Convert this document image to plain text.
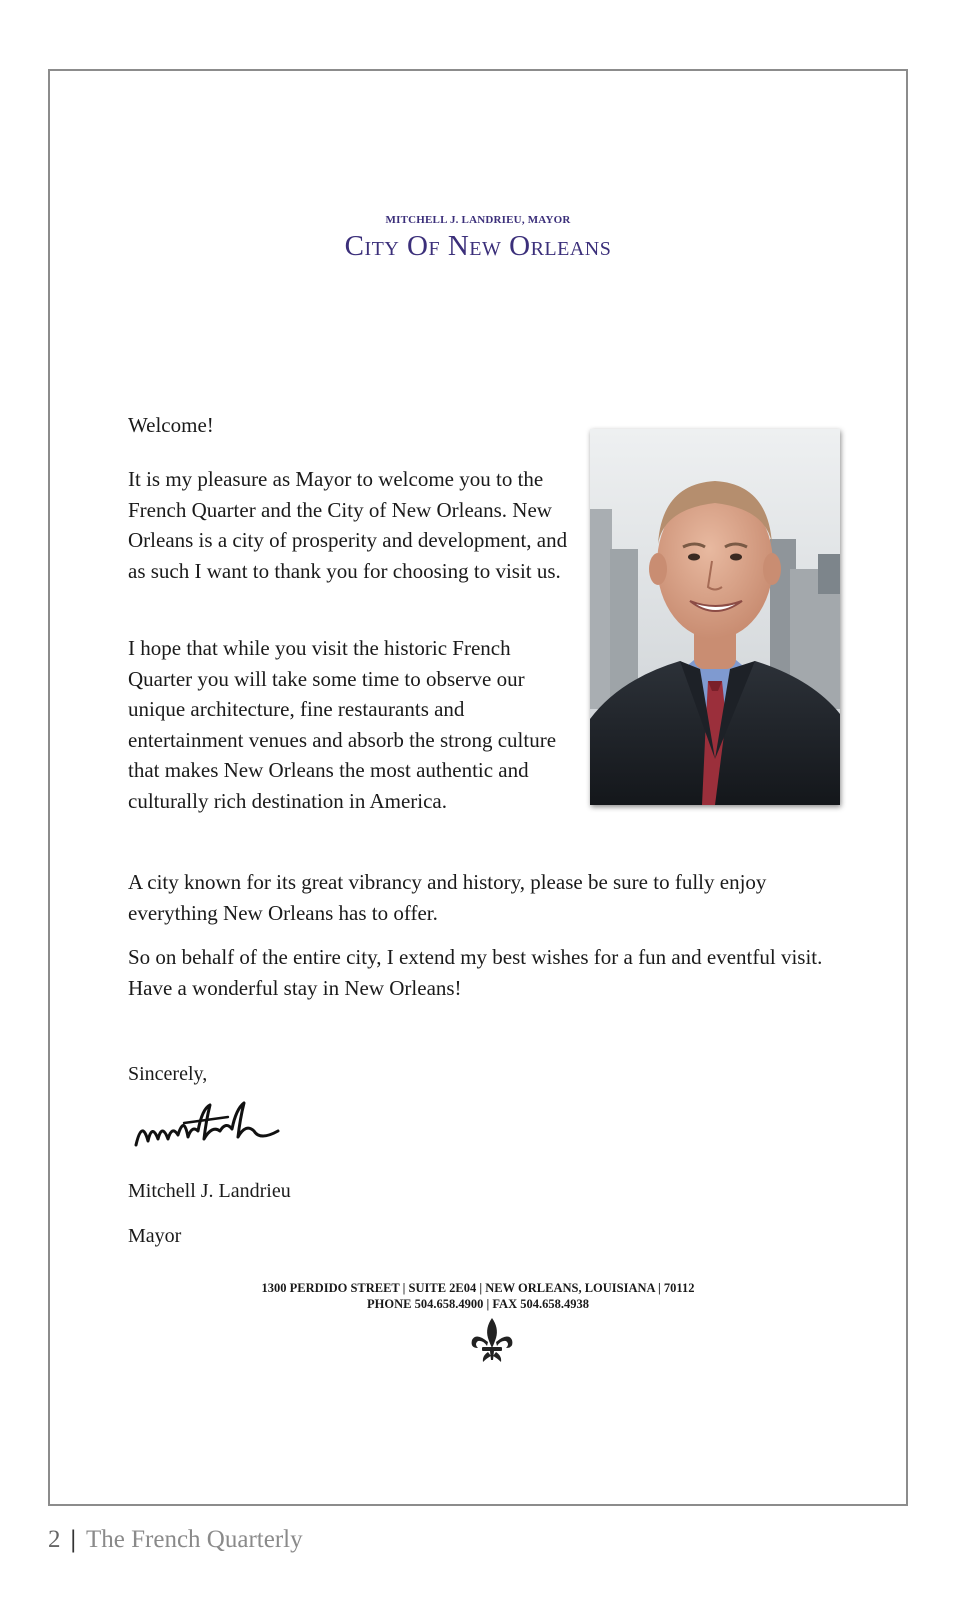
MITCHELL J. LANDRIEU, MAYOR
City Of New Orleans
Welcome!
It is my pleasure as Mayor to welcome you to the French Quarter and the City of New Orleans. New Orleans is a city of prosperity and development, and as such I want to thank you for choosing to visit us.
I hope that while you visit the historic French Quarter you will take some time to observe our unique architecture, fine restaurants and entertainment venues and absorb the strong culture that makes New Orleans the most authentic and culturally rich destination in America.
A city known for its great vibrancy and history, please be sure to fully enjoy everything New Orleans has to offer.
So on behalf of the entire city, I extend my best wishes for a fun and eventful visit. Have a wonderful stay in New Orleans!
Sincerely,
Mitchell J. Landrieu
Mayor
1300 PERDIDO STREET | SUITE 2E04 | NEW ORLEANS, LOUISIANA | 70112
PHONE 504.658.4900 | FAX 504.658.4938
2 | The French Quarterly
